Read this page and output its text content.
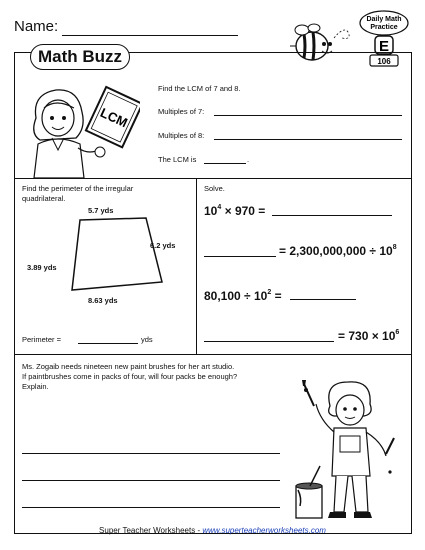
Name:	Daily Math
Practice
E
106
Math Buzz
LCM
Find the LCM of 7 and 8.
Multiples of 7:
Multiples of 8:
The LCM is	.
Find the perimeter of the irregular
quadrilateral.
5.7 yds
6.2 yds
3.89 yds
8.63 yds
Perimeter =	yds
Solve.
$10^4 \times 970$ =
= $2,300,000,000 \div 10^8$
$80,100 \div 10^2$ =
= $730 \times 10^6$
Ms. Zogaib needs nineteen new paint brushes for her art studio.
If paintbrushes come in packs of four, will four packs be enough?
Explain.
Super Teacher Worksheets - www.superteacherworksheets.com
